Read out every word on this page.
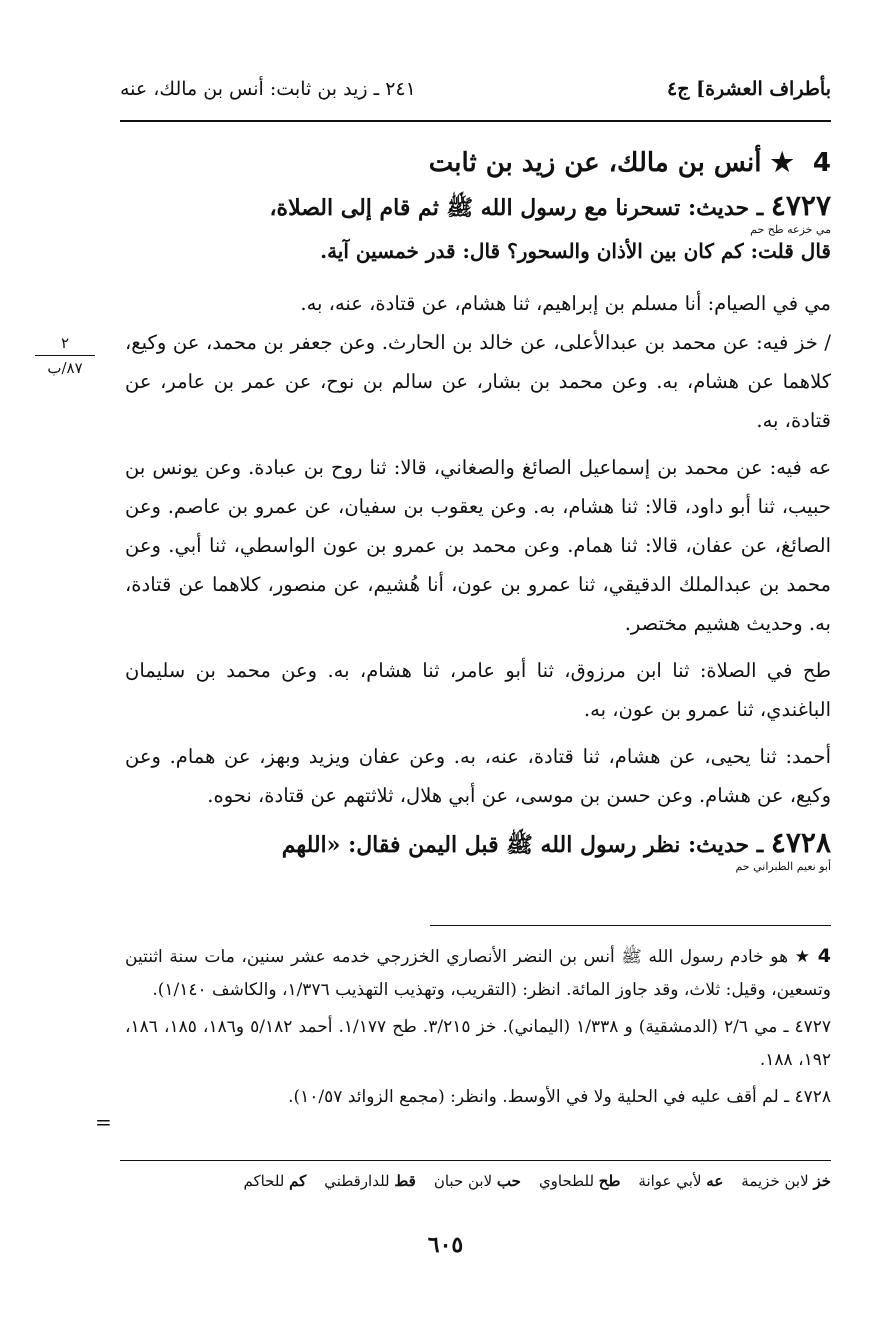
٢٤١ ـ زيد بن ثابت: أنس بن مالك، عنه	بأطراف العشرة] ج٤
٢
٨٧/ب
4 ★ أنس بن مالك، عن زيد بن ثابت
٤٧٢٧ ـ حديث: تسحرنا مع رسول الله ﷺ ثم قام إلى الصلاة،
مي خزعه طح حم
قال قلت: كم كان بين الأذان والسحور؟ قال: قدر خمسين آية.

مي في الصيام: أنا مسلم بن إبراهيم، ثنا هشام، عن قتادة، عنه، به.

/ خز فيه: عن محمد بن عبدالأعلى، عن خالد بن الحارث. وعن جعفر بن محمد، عن وكيع، كلاهما عن هشام، به. وعن محمد بن بشار، عن سالم بن نوح، عن عمر بن عامر، عن قتادة، به.

عه فيه: عن محمد بن إسماعيل الصائغ والصغاني، قالا: ثنا روح بن عبادة. وعن يونس بن حبيب، ثنا أبو داود، قالا: ثنا هشام، به. وعن يعقوب بن سفيان، عن عمرو بن عاصم. وعن الصائغ، عن عفان، قالا: ثنا همام. وعن محمد بن عمرو بن عون الواسطي، ثنا أبي. وعن محمد بن عبدالملك الدقيقي، ثنا عمرو بن عون، أنا هُشيم، عن منصور، كلاهما عن قتادة، به. وحديث هشيم مختصر.

طح في الصلاة: ثنا ابن مرزوق، ثنا أبو عامر، ثنا هشام، به. وعن محمد بن سليمان الباغندي، ثنا عمرو بن عون، به.

أحمد: ثنا يحيى، عن هشام، ثنا قتادة، عنه، به. وعن عفان ويزيد وبهز، عن همام. وعن وكيع، عن هشام. وعن حسن بن موسى، عن أبي هلال، ثلاثتهم عن قتادة، نحوه.

٤٧٢٨ ـ حديث: نظر رسول الله ﷺ قبل اليمن فقال: «اللهم
أبو نعيم الطبراني حم

4 ★ هو خادم رسول الله ﷺ أنس بن النضر الأنصاري الخزرجي خدمه عشر سنين، مات سنة اثنتين وتسعين، وقيل: ثلاث، وقد جاوز المائة. انظر: (التقريب، وتهذيب التهذيب ١/٣٧٦، والكاشف ١/١٤٠).

٤٧٢٧ ـ مي ٢/٦ (الدمشقية) و ١/٣٣٨ (اليماني). خز ٣/٢١٥. طح ١/١٧٧. أحمد ٥/١٨٢ و١٨٦، ١٨٥، ١٨٦، ١٩٢، ١٨٨.

٤٧٢٨ ـ لم أقف عليه في الحلية ولا في الأوسط. وانظر: (مجمع الزوائد ١٠/٥٧).

=
خز لابن خزيمة
عه لأبي عوانة
طح للطحاوي
حب لابن حبان
قط للدارقطني
كم للحاكم
٦٠٥
